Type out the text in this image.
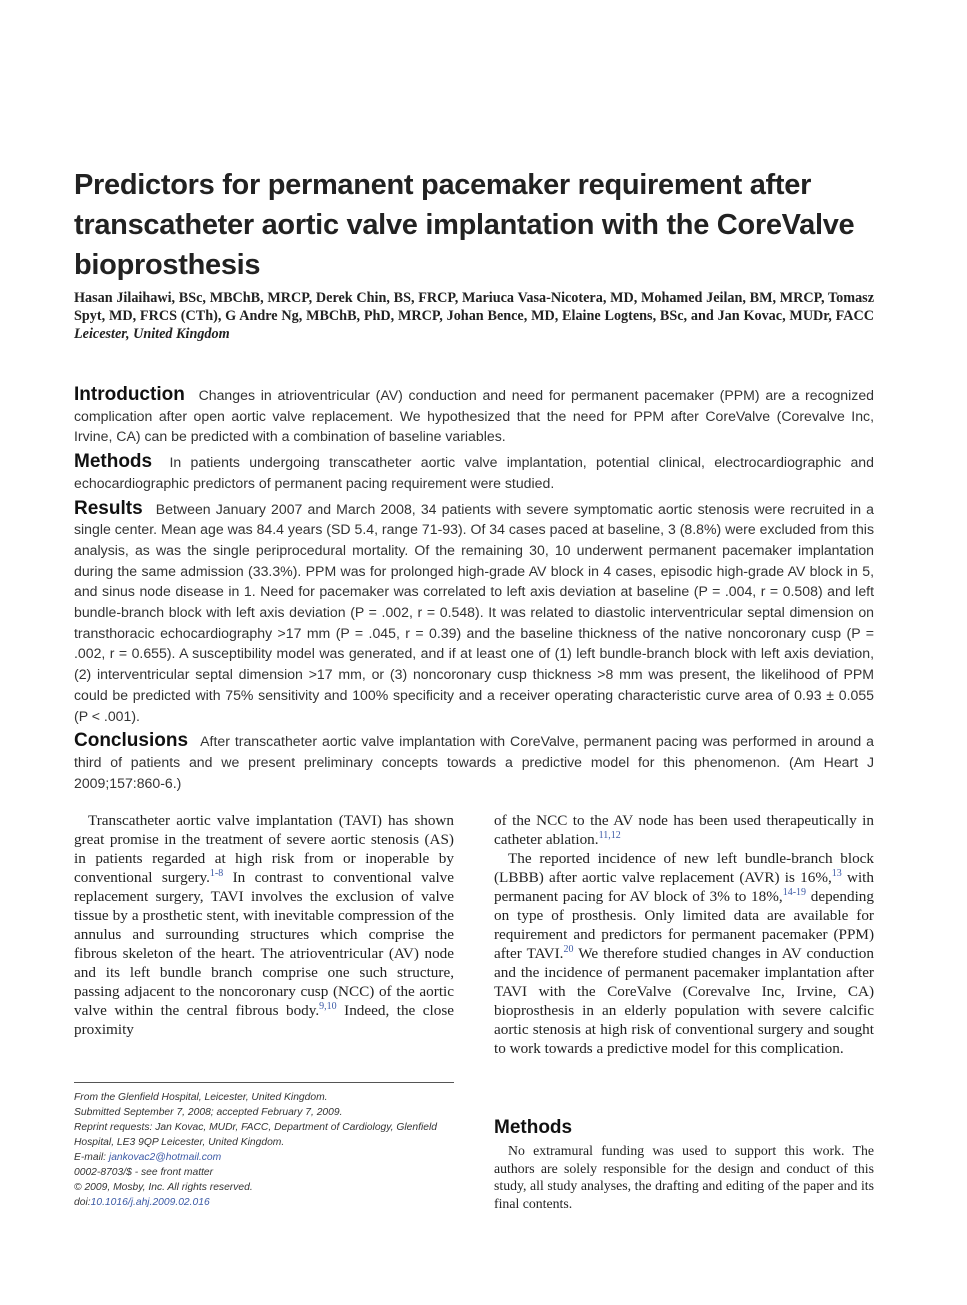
Predictors for permanent pacemaker requirement after transcatheter aortic valve implantation with the CoreValve bioprosthesis
Hasan Jilaihawi, BSc, MBChB, MRCP, Derek Chin, BS, FRCP, Mariuca Vasa-Nicotera, MD, Mohamed Jeilan, BM, MRCP, Tomasz Spyt, MD, FRCS (CTh), G Andre Ng, MBChB, PhD, MRCP, Johan Bence, MD, Elaine Logtens, BSc, and Jan Kovac, MUDr, FACC Leicester, United Kingdom

Introduction Changes in atrioventricular (AV) conduction and need for permanent pacemaker (PPM) are a recognized complication after open aortic valve replacement. We hypothesized that the need for PPM after CoreValve (Corevalve Inc, Irvine, CA) can be predicted with a combination of baseline variables.

Methods In patients undergoing transcatheter aortic valve implantation, potential clinical, electrocardiographic and echocardiographic predictors of permanent pacing requirement were studied.

Results Between January 2007 and March 2008, 34 patients with severe symptomatic aortic stenosis were recruited in a single center. Mean age was 84.4 years (SD 5.4, range 71-93). Of 34 cases paced at baseline, 3 (8.8%) were excluded from this analysis, as was the single periprocedural mortality. Of the remaining 30, 10 underwent permanent pacemaker implantation during the same admission (33.3%). PPM was for prolonged high-grade AV block in 4 cases, episodic high-grade AV block in 5, and sinus node disease in 1. Need for pacemaker was correlated to left axis deviation at baseline (P = .004, r = 0.508) and left bundle-branch block with left axis deviation (P = .002, r = 0.548). It was related to diastolic interventricular septal dimension on transthoracic echocardiography >17 mm (P = .045, r = 0.39) and the baseline thickness of the native noncoronary cusp (P = .002, r = 0.655). A susceptibility model was generated, and if at least one of (1) left bundle-branch block with left axis deviation, (2) interventricular septal dimension >17 mm, or (3) noncoronary cusp thickness >8 mm was present, the likelihood of PPM could be predicted with 75% sensitivity and 100% specificity and a receiver operating characteristic curve area of 0.93 ± 0.055 (P < .001).

Conclusions After transcatheter aortic valve implantation with CoreValve, permanent pacing was performed in around a third of patients and we present preliminary concepts towards a predictive model for this phenomenon. (Am Heart J 2009;157:860-6.)

Transcatheter aortic valve implantation (TAVI) has shown great promise in the treatment of severe aortic stenosis (AS) in patients regarded at high risk from or inoperable by conventional surgery.$^{1-8}$ In contrast to conventional valve replacement surgery, TAVI involves the exclusion of valve tissue by a prosthetic stent, with inevitable compression of the annulus and surrounding structures which comprise the fibrous skeleton of the heart. The atrioventricular (AV) node and its left bundle branch comprise one such structure, passing adjacent to the noncoronary cusp (NCC) of the aortic valve within the central fibrous body.$^{9,10}$ Indeed, the close proximity

of the NCC to the AV node has been used therapeutically in catheter ablation.$^{11,12}$

The reported incidence of new left bundle-branch block (LBBB) after aortic valve replacement (AVR) is 16%,$^{13}$ with permanent pacing for AV block of 3% to 18%,$^{14-19}$ depending on type of prosthesis. Only limited data are available for requirement and predictors for permanent pacemaker (PPM) after TAVI.$^{20}$ We therefore studied changes in AV conduction and the incidence of permanent pacemaker implantation after TAVI with the CoreValve (Corevalve Inc, Irvine, CA) bioprosthesis in an elderly population with severe calcific aortic stenosis at high risk of conventional surgery and sought to work towards a predictive model for this complication.

From the Glenfield Hospital, Leicester, United Kingdom.
Submitted September 7, 2008; accepted February 7, 2009.
Reprint requests: Jan Kovac, MUDr, FACC, Department of Cardiology, Glenfield Hospital, LE3 9QP Leicester, United Kingdom.
E-mail: jankovac2@hotmail.com
0002-8703/$ - see front matter
© 2009, Mosby, Inc. All rights reserved.
doi:10.1016/j.ahj.2009.02.016
Methods

No extramural funding was used to support this work. The authors are solely responsible for the design and conduct of this study, all study analyses, the drafting and editing of the paper and its final contents.
